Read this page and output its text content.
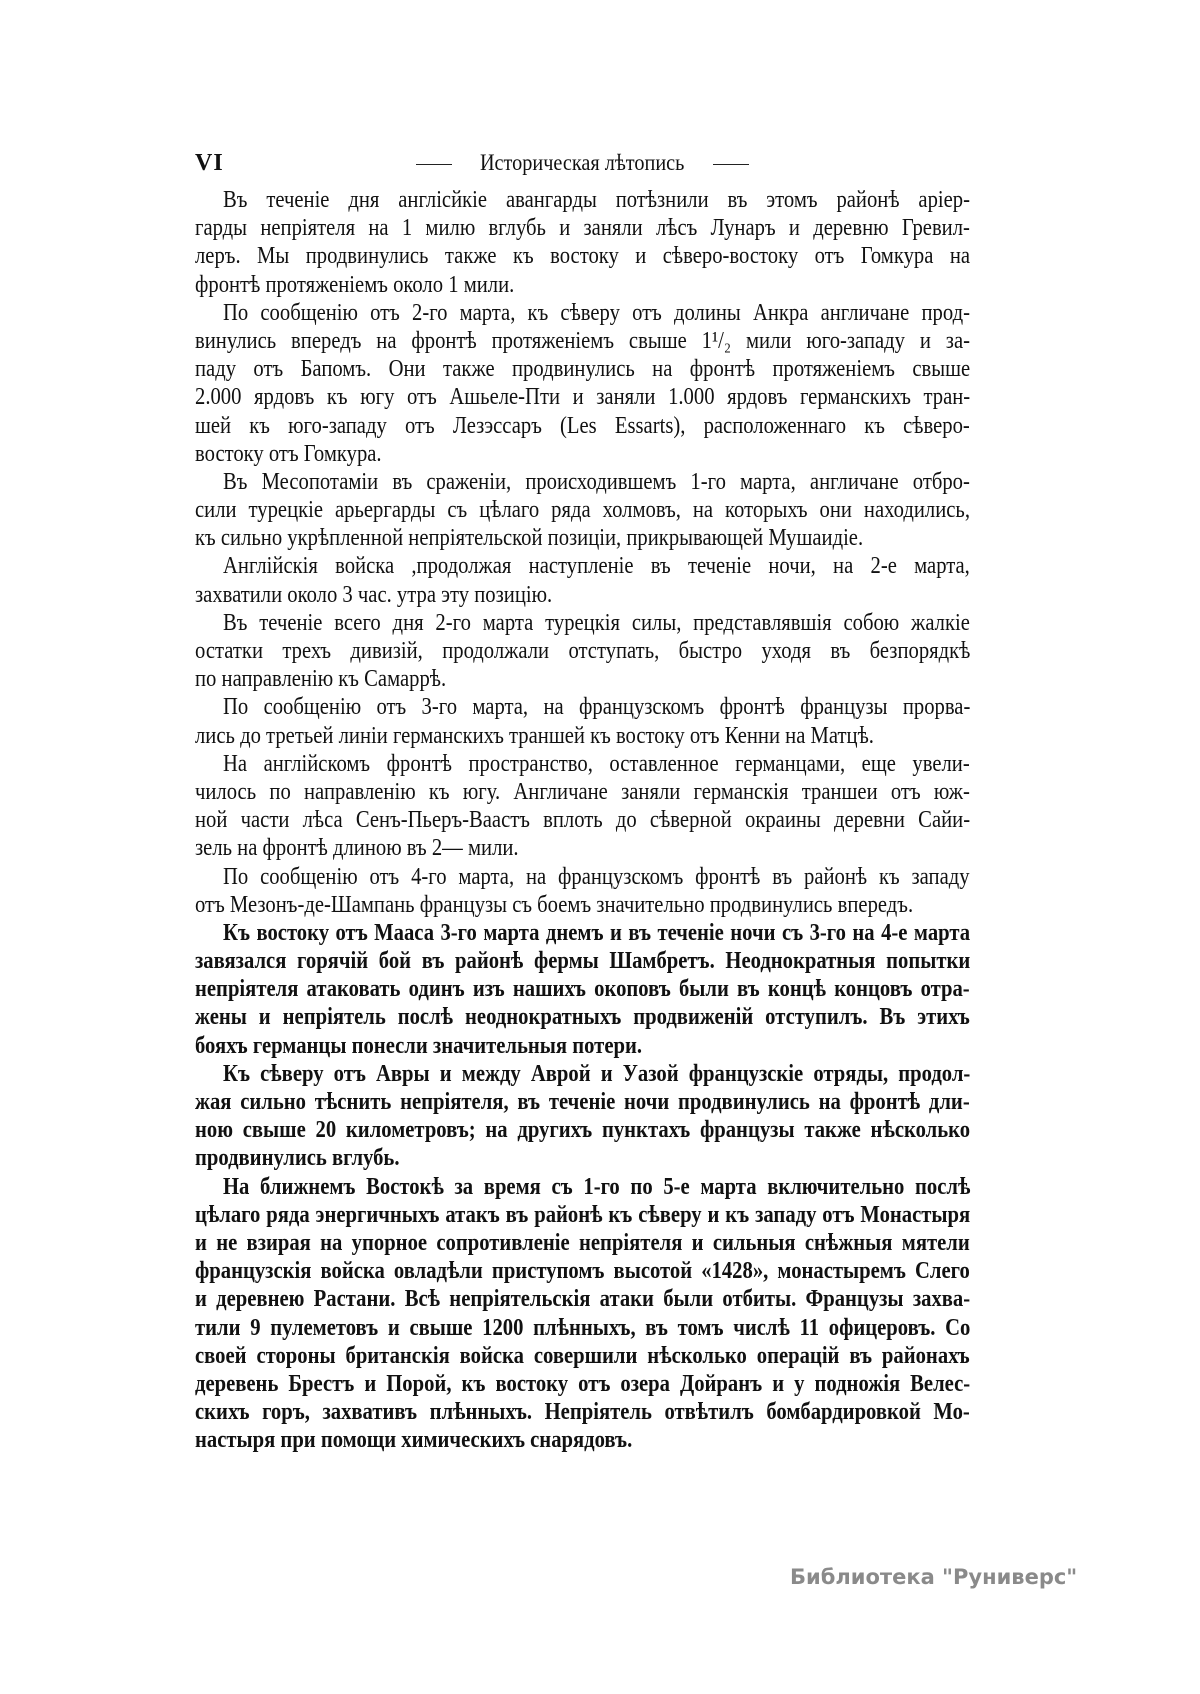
VI	Историческая лѣтопись
Въ теченіе дня англісйкіе авангарды потѣзнили въ этомъ районѣ аріер-
гарды непріятеля на 1 милю вглубь и заняли лѣсъ Лунаръ и деревню Гревил-
леръ. Мы продвинулись также къ востоку и сѣверо-востоку отъ Гомкура на
фронтѣ протяженіемъ около 1 мили.
По сообщенію отъ 2-го марта, къ сѣверу отъ долины Анкра англичане прод-
винулись впередъ на фронтѣ протяженіемъ свыше 1¹/₂ мили юго-западу и за-
паду отъ Бапомъ. Они также продвинулись на фронтѣ протяженіемъ свыше
2.000 ярдовъ къ югу отъ Ашьеле-Пти и заняли 1.000 ярдовъ германскихъ тран-
шей къ юго-западу отъ Лезэссаръ (Les Essarts), расположеннаго къ сѣверо-
востоку отъ Гомкура.
Въ Месопотаміи въ сраженіи, происходившемъ 1-го марта, англичане отбро-
сили турецкіе арьергарды съ цѣлаго ряда холмовъ, на которыхъ они находились,
къ сильно укрѣпленной непріятельской позиціи, прикрывающей Мушаидіе.
Англійскія войска ,продолжая наступленіе въ теченіе ночи, на 2-е марта,
захватили около 3 час. утра эту позицію.
Въ теченіе всего дня 2-го марта турецкія силы, представлявшія собою жалкіе
остатки трехъ дивизій, продолжали отступать, быстро уходя въ безпорядкѣ
по направленію къ Самаррѣ.
По сообщенію отъ 3-го марта, на французскомъ фронтѣ французы прорва-
лись до третьей линіи германскихъ траншей къ востоку отъ Кенни на Матцѣ.
На англійскомъ фронтѣ пространство, оставленное германцами, еще увели-
чилось по направленію къ югу. Англичане заняли германскія траншеи отъ юж-
ной части лѣса Сенъ-Пьеръ-Ваастъ вплоть до сѣверной окраины деревни Сайи-
зель на фронтѣ длиною въ 2— мили.
По сообщенію отъ 4-го марта, на французскомъ фронтѣ въ районѣ къ западу
отъ Мезонъ-де-Шампань французы съ боемъ значительно продвинулись впередъ.
Къ востоку отъ Мааса 3-го марта днемъ и въ теченіе ночи съ 3-го на 4-е марта
завязался горячій бой въ районѣ фермы Шамбретъ. Неоднократныя попытки
непріятеля атаковать одинъ изъ нашихъ окоповъ были въ концѣ концовъ отра-
жены и непріятель послѣ неоднократныхъ продвиженій отступилъ. Въ этихъ
бояхъ германцы понесли значительныя потери.
Къ сѣверу отъ Авры и между Аврой и Уазой французскіе отряды, продол-
жая сильно тѣснить непріятеля, въ теченіе ночи продвинулись на фронтѣ дли-
ною свыше 20 километровъ; на другихъ пунктахъ французы также нѣсколько
продвинулись вглубь.
На ближнемъ Востокѣ за время съ 1-го по 5-е марта включительно послѣ
цѣлаго ряда энергичныхъ атакъ въ районѣ къ сѣверу и къ западу отъ Монастыря
и не взирая на упорное сопротивленіе непріятеля и сильныя снѣжныя мятели
французскія войска овладѣли приступомъ высотой «1428», монастыремъ Слего
и деревнею Растани. Всѣ непріятельскія атаки были отбиты. Французы захва-
тили 9 пулеметовъ и свыше 1200 плѣнныхъ, въ томъ числѣ 11 офицеровъ. Со
своей стороны британскія войска совершили нѣсколько операцій въ районахъ
деревень Брестъ и Порой, къ востоку отъ озера Дойранъ и у подножія Велес-
скихъ горъ, захвативъ плѣнныхъ. Непріятель отвѣтилъ бомбардировкой Мо-
настыря при помощи химическихъ снарядовъ.
Библиотека "Руниверс"
